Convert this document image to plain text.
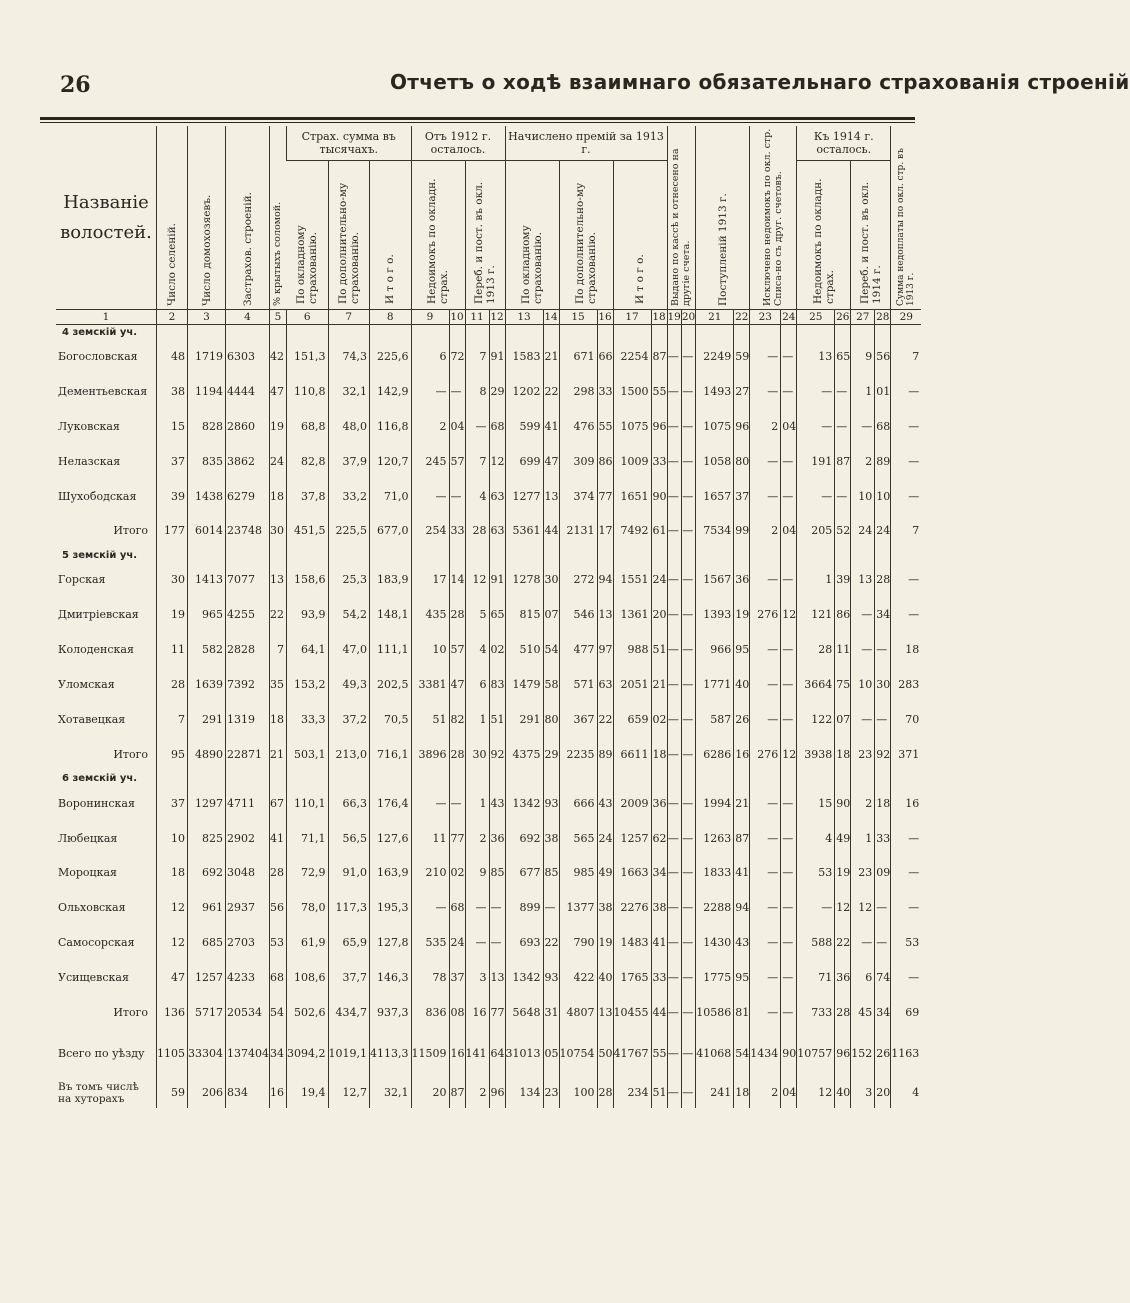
26	Отчетъ о ходѣ взаимнаго обязательнаго страхованія строеній
Названіе волостей.	Число селеній.	Число домохозяевъ.	Застрахов. строеній.	% крытыхъ соломой.	Страх. сумма въ тысячахъ.			Отъ 1912 г. осталось.				Начислено премій за 1913 г.						Выдано по кассѣ и отнесено на другіе счета.		Поступленій 1913 г.		Исключено недоимокъ по окл. стр. Списа-но съ друг. счетовъ.		Къ 1914 г. осталось.				Сумма недоплаты по окл. стр. въ 1913 г.
					По окладному страхованію.	По дополнительно-му страхованію.	И т о г о.	Недоимокъ по окладн. страх.		Переб. и пост. въ окл. 1913 г.		По окладному страхованію.		По дополнительно-му страхованію.		И т о г о.								Недоимокъ по окладн. страх.		Переб. и пост. въ окл. 1914 г.		
1	2	3	4	5	6	7	8	9	10	11	12	13	14	15	16	17	18	19	20	21	22	23	24	25	26	27	28	29
4 земскій уч.																												
Богословская	48	1719	6303	42	151,3	74,3	225,6	6	72	7	91	1583	21	671	66	2254	87	—	—	2249	59	—	—	13	65	9	56	7
Дементьевская	38	1194	4444	47	110,8	32,1	142,9	—	—	8	29	1202	22	298	33	1500	55	—	—	1493	27	—	—	—	—	1	01	—
Луковская	15	828	2860	19	68,8	48,0	116,8	2	04	—	68	599	41	476	55	1075	96	—	—	1075	96	2	04	—	—	—	68	—
Нелазская	37	835	3862	24	82,8	37,9	120,7	245	57	7	12	699	47	309	86	1009	33	—	—	1058	80	—	—	191	87	2	89	—
Шухободская	39	1438	6279	18	37,8	33,2	71,0	—	—	4	63	1277	13	374	77	1651	90	—	—	1657	37	—	—	—	—	10	10	—
Итого	177	6014	23748	30	451,5	225,5	677,0	254	33	28	63	5361	44	2131	17	7492	61	—	—	7534	99	2	04	205	52	24	24	7
5 земскій уч.																												
Горская	30	1413	7077	13	158,6	25,3	183,9	17	14	12	91	1278	30	272	94	1551	24	—	—	1567	36	—	—	1	39	13	28	—
Дмитріевская	19	965	4255	22	93,9	54,2	148,1	435	28	5	65	815	07	546	13	1361	20	—	—	1393	19	276	12	121	86	—	34	—
Колоденская	11	582	2828	7	64,1	47,0	111,1	10	57	4	02	510	54	477	97	988	51	—	—	966	95	—	—	28	11	—	—	18
Уломская	28	1639	7392	35	153,2	49,3	202,5	3381	47	6	83	1479	58	571	63	2051	21	—	—	1771	40	—	—	3664	75	10	30	283
Хотавецкая	7	291	1319	18	33,3	37,2	70,5	51	82	1	51	291	80	367	22	659	02	—	—	587	26	—	—	122	07	—	—	70
Итого	95	4890	22871	21	503,1	213,0	716,1	3896	28	30	92	4375	29	2235	89	6611	18	—	—	6286	16	276	12	3938	18	23	92	371
6 земскій уч.																												
Воронинская	37	1297	4711	67	110,1	66,3	176,4	—	—	1	43	1342	93	666	43	2009	36	—	—	1994	21	—	—	15	90	2	18	16
Любецкая	10	825	2902	41	71,1	56,5	127,6	11	77	2	36	692	38	565	24	1257	62	—	—	1263	87	—	—	4	49	1	33	—
Мороцкая	18	692	3048	28	72,9	91,0	163,9	210	02	9	85	677	85	985	49	1663	34	—	—	1833	41	—	—	53	19	23	09	—
Ольховская	12	961	2937	56	78,0	117,3	195,3	—	68	—	—	899	—	1377	38	2276	38	—	—	2288	94	—	—	—	12	12	—	—
Самосорская	12	685	2703	53	61,9	65,9	127,8	535	24	—	—	693	22	790	19	1483	41	—	—	1430	43	—	—	588	22	—	—	53
Усищевская	47	1257	4233	68	108,6	37,7	146,3	78	37	3	13	1342	93	422	40	1765	33	—	—	1775	95	—	—	71	36	6	74	—
Итого	136	5717	20534	54	502,6	434,7	937,3	836	08	16	77	5648	31	4807	13	10455	44	—	—	10586	81	—	—	733	28	45	34	69
Всего по уѣзду	1105	33304	137404	34	3094,2	1019,1	4113,3	11509	16	141	64	31013	05	10754	50	41767	55	—	—	41068	54	1434	90	10757	96	152	26	1163
Въ томъ числѣ на хуторахъ	59	206	834	16	19,4	12,7	32,1	20	87	2	96	134	23	100	28	234	51	—	—	241	18	2	04	12	40	3	20	4
